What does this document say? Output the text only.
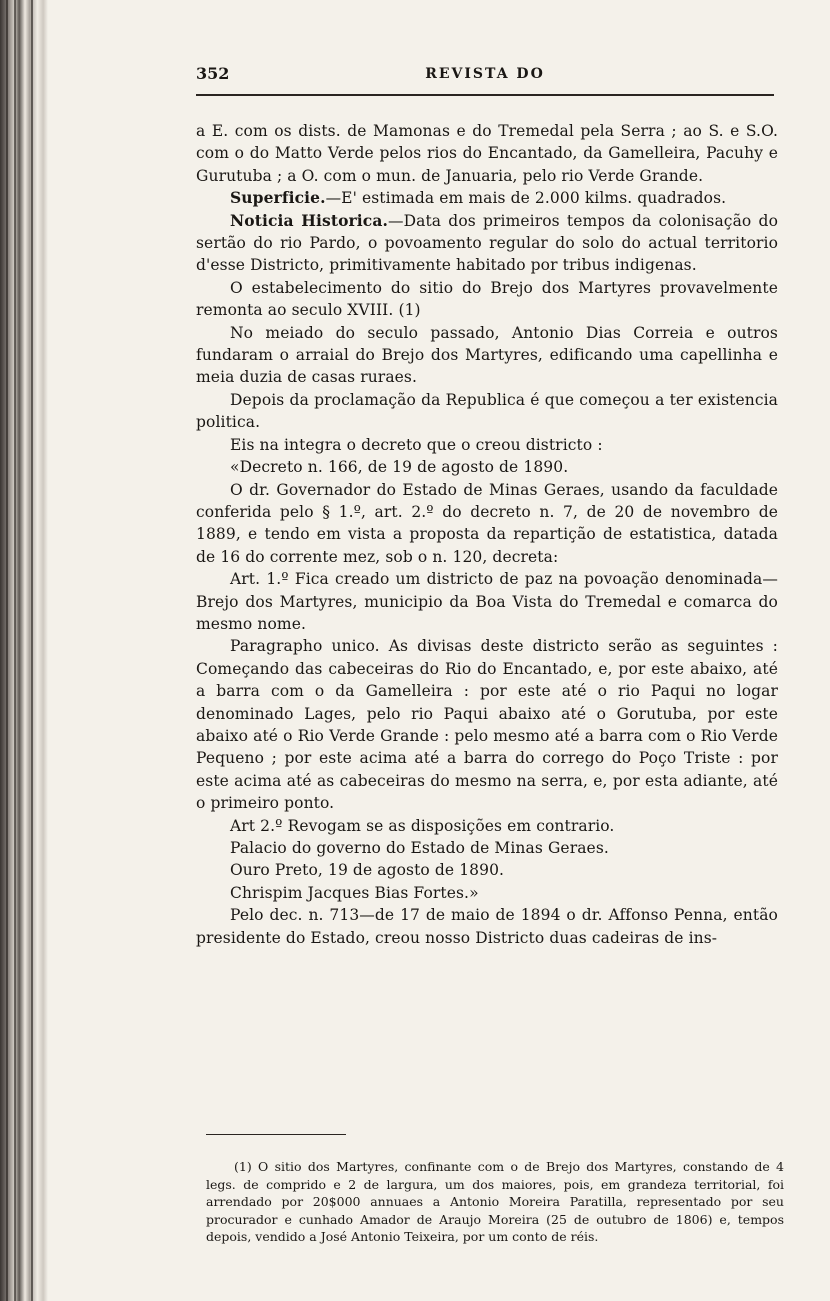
352	REVISTA DO

a E. com os dists. de Mamonas e do Tremedal pela Serra ; ao S. e S.O. com o do Matto Verde pelos rios do Encantado, da Gamelleira, Pacuhy e Gurutuba ; a O. com o mun. de Januaria, pelo rio Verde Grande.

Superficie.—E' estimada em mais de 2.000 kilms. quadrados.

Noticia Historica.—Data dos primeiros tempos da colonisação do sertão do rio Pardo, o povoamento regular do solo do actual territorio d'esse Districto, primitivamente habitado por tribus indigenas.

O estabelecimento do sitio do Brejo dos Martyres provavelmente remonta ao seculo XVIII. (1)

No meiado do seculo passado, Antonio Dias Correia e outros fundaram o arraial do Brejo dos Martyres, edificando uma capellinha e meia duzia de casas ruraes.

Depois da proclamação da Republica é que começou a ter existencia politica.

Eis na integra o decreto que o creou districto :

«Decreto n. 166, de 19 de agosto de 1890.

O dr. Governador do Estado de Minas Geraes, usando da faculdade conferida pelo § 1.º, art. 2.º do decreto n. 7, de 20 de novembro de 1889, e tendo em vista a proposta da repartição de estatistica, datada de 16 do corrente mez, sob o n. 120, decreta:

Art. 1.º Fica creado um districto de paz na povoação denominada—Brejo dos Martyres, municipio da Boa Vista do Tremedal e comarca do mesmo nome.

Paragrapho unico. As divisas deste districto serão as seguintes : Começando das cabeceiras do Rio do Encantado, e, por este abaixo, até a barra com o da Gamelleira : por este até o rio Paqui no logar denominado Lages, pelo rio Paqui abaixo até o Gorutuba, por este abaixo até o Rio Verde Grande : pelo mesmo até a barra com o Rio Verde Pequeno ; por este acima até a barra do corrego do Poço Triste : por este acima até as cabeceiras do mesmo na serra, e, por esta adiante, até o primeiro ponto.

Art 2.º Revogam se as disposições em contrario.

Palacio do governo do Estado de Minas Geraes.

Ouro Preto, 19 de agosto de 1890.

Chrispim Jacques Bias Fortes.»

Pelo dec. n. 713—de 17 de maio de 1894 o dr. Affonso Penna, então presidente do Estado, creou nosso Districto duas cadeiras de ins-

(1) O sitio dos Martyres, confinante com o de Brejo dos Martyres, constando de 4 legs. de comprido e 2 de largura, um dos maiores, pois, em grandeza territorial, foi arrendado por 20$000 annuaes a Antonio Moreira Paratilla, representado por seu procurador e cunhado Amador de Araujo Moreira (25 de outubro de 1806) e, tempos depois, vendido a José Antonio Teixeira, por um conto de réis.
